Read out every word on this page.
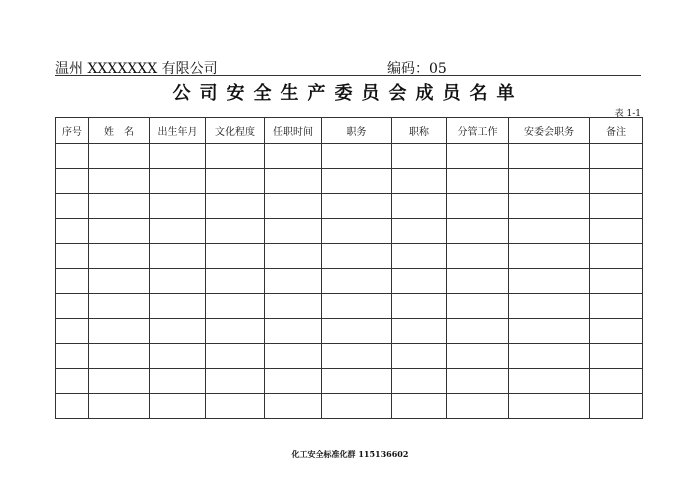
温州 XXXXXXX 有限公司	编码：05
公司安全生产委员会成员名单
表 1-1
序号	姓　名	出生年月	文化程度	任职时间	职务	职称	分管工作	安委会职务	备注

化工安全标准化群 115136602
